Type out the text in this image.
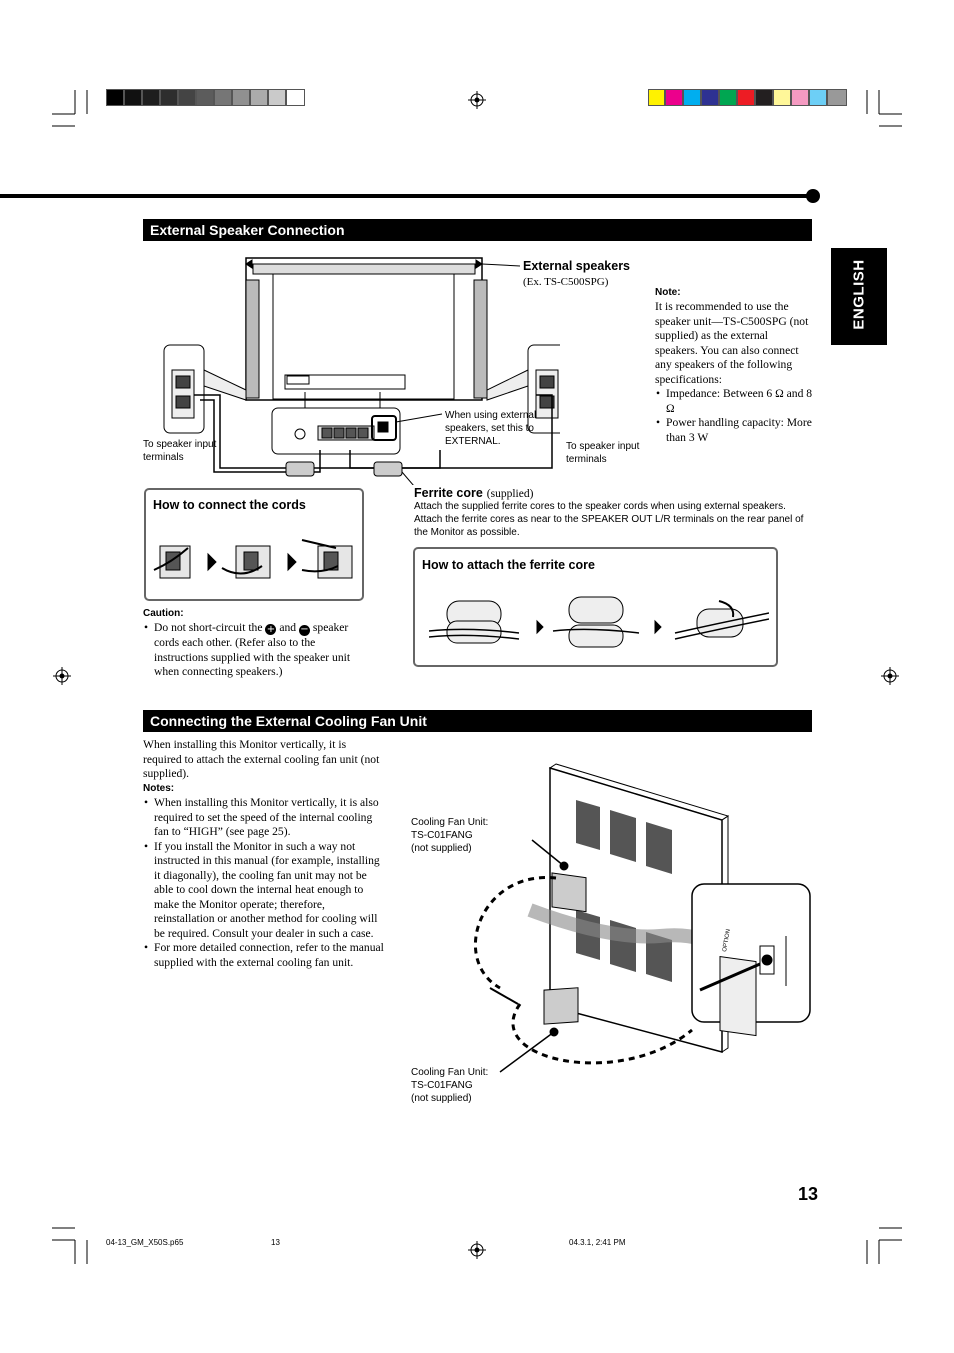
ENGLISH
External Speaker Connection
External speakers
(Ex. TS-C500SPG)
When using external speakers, set this to EXTERNAL.
To speaker input terminals
To speaker input terminals
Note:
It is recommended to use the speaker unit—TS-C500SPG (not supplied) as the external speakers. You can also connect any speakers of the following specifications:
• Impedance: Between 6 Ω and 8 Ω
• Power handling capacity: More than 3 W
Ferrite core (supplied)
Attach the supplied ferrite cores to the speaker cords when using external speakers. Attach the ferrite cores as near to the SPEAKER OUT L/R terminals on the rear panel of the Monitor as possible.
How to connect the cords
How to attach the ferrite core
Caution:
• Do not short-circuit the + and − speaker cords each other. (Refer also to the instructions supplied with the speaker unit when connecting speakers.)
Connecting the External Cooling Fan Unit
When installing this Monitor vertically, it is required to attach the external cooling fan unit (not supplied).
Notes:
• When installing this Monitor vertically, it is also required to set the speed of the internal cooling fan to “HIGH” (see page 25).
• If you install the Monitor in such a way not instructed in this manual (for example, installing it diagonally), the cooling fan unit may not be able to cool down the internal heat enough to make the Monitor operate; therefore, reinstallation or another method for cooling will be required. Consult your dealer in such a case.
• For more detailed connection, refer to the manual supplied with the external cooling fan unit.
Cooling Fan Unit:
TS-C01FANG
(not supplied)
Cooling Fan Unit:
TS-C01FANG
(not supplied)
OPTION
13
04-13_GM_X50S.p65	13	04.3.1, 2:41 PM
